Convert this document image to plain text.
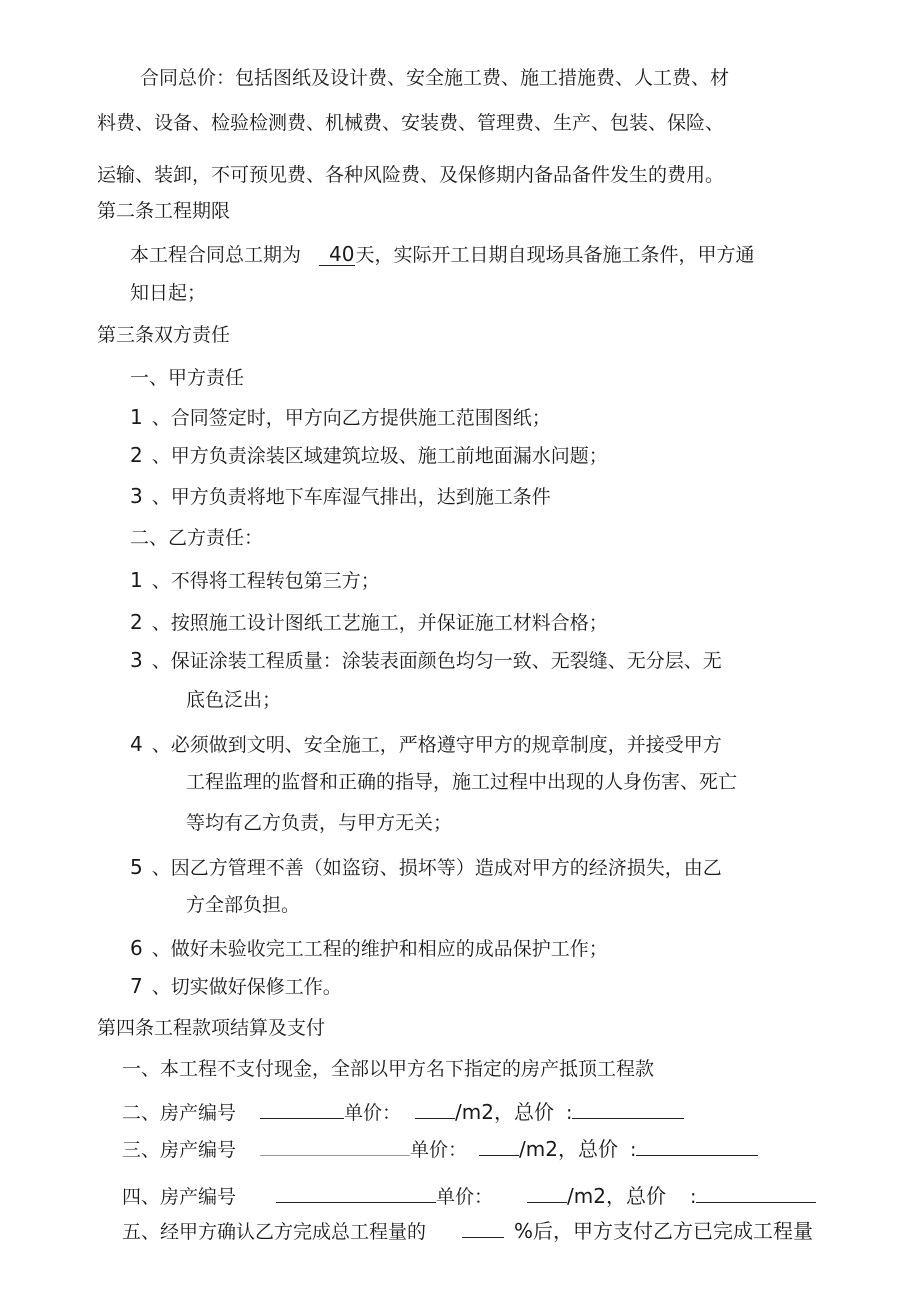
合同总价：包括图纸及设计费、安全施工费、施工措施费、人工费、材
料费、设备、检验检测费、机械费、安装费、管理费、生产、包装、保险、
运输、装卸，不可预见费、各种风险费、及保修期内备品备件发生的费用。
第二条工程期限
本工程合同总工期为 40天，实际开工日期自现场具备施工条件，甲方通
知日起；
第三条双方责任
一、甲方责任
1 、合同签定时，甲方向乙方提供施工范围图纸；
2 、甲方负责涂装区域建筑垃圾、施工前地面漏水问题；
3 、甲方负责将地下车库湿气排出，达到施工条件
二、乙方责任：
1 、不得将工程转包第三方；
2 、按照施工设计图纸工艺施工，并保证施工材料合格；
3 、保证涂装工程质量：涂装表面颜色均匀一致、无裂缝、无分层、无
底色泛出；
4 、必须做到文明、安全施工，严格遵守甲方的规章制度，并接受甲方
工程监理的监督和正确的指导，施工过程中出现的人身伤害、死亡
等均有乙方负责，与甲方无关；
5 、因乙方管理不善（如盗窃、损坏等）造成对甲方的经济损失，由乙
方全部负担。
6 、做好未验收完工工程的维护和相应的成品保护工作；
7 、切实做好保修工作。
第四条工程款项结算及支付
一、本工程不支付现金，全部以甲方名下指定的房产抵顶工程款
二、房产编号	单价：	/m2，总价 :
三、房产编号	单价：	/m2，总价 :
四、房产编号	单价：	/m2，总价 :
五、经甲方确认乙方完成总工程量的	%后，甲方支付乙方已完成工程量
